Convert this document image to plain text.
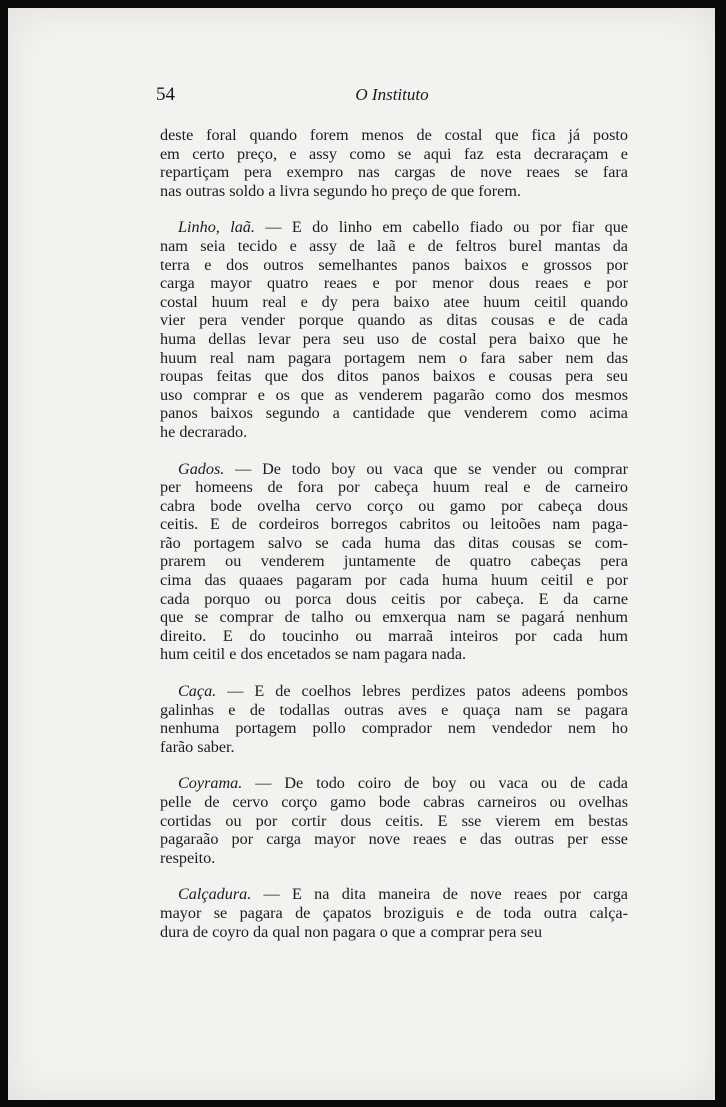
54	O Instituto
deste foral quando forem menos de costal que fica já posto
em certo preço, e assy como se aqui faz esta decraraçam e
repartiçam pera exempro nas cargas de nove reaes se fara
nas outras soldo a livra segundo ho preço de que forem.
Linho, laã. — E do linho em cabello fiado ou por fiar que
nam seia tecido e assy de laã e de feltros burel mantas da
terra e dos outros semelhantes panos baixos e grossos por
carga mayor quatro reaes e por menor dous reaes e por
costal huum real e dy pera baixo atee huum ceitil quando
vier pera vender porque quando as ditas cousas e de cada
huma dellas levar pera seu uso de costal pera baixo que he
huum real nam pagara portagem nem o fara saber nem das
roupas feitas que dos ditos panos baixos e cousas pera seu
uso comprar e os que as venderem pagarão como dos mesmos
panos baixos segundo a cantidade que venderem como acima
he decrarado.
Gados. — De todo boy ou vaca que se vender ou comprar
per homeens de fora por cabeça huum real e de carneiro
cabra bode ovelha cervo corço ou gamo por cabeça dous
ceitis. E de cordeiros borregos cabritos ou leitoões nam paga-
rão portagem salvo se cada huma das ditas cousas se com-
prarem ou venderem juntamente de quatro cabeças pera
cima das quaaes pagaram por cada huma huum ceitil e por
cada porquo ou porca dous ceitis por cabeça. E da carne
que se comprar de talho ou emxerqua nam se pagará nenhum
direito. E do toucinho ou marraã inteiros por cada hum
hum ceitil e dos encetados se nam pagara nada.
Caça. — E de coelhos lebres perdizes patos adeens pombos
galinhas e de todallas outras aves e quaça nam se pagara
nenhuma portagem pollo comprador nem vendedor nem ho
farão saber.
Coyrama. — De todo coiro de boy ou vaca ou de cada
pelle de cervo corço gamo bode cabras carneiros ou ovelhas
cortidas ou por cortir dous ceitis. E sse vierem em bestas
pagaraão por carga mayor nove reaes e das outras per esse
respeito.
Calçadura. — E na dita maneira de nove reaes por carga
mayor se pagara de çapatos broziguis e de toda outra calça-
dura de coyro da qual non pagara o que a comprar pera seu
